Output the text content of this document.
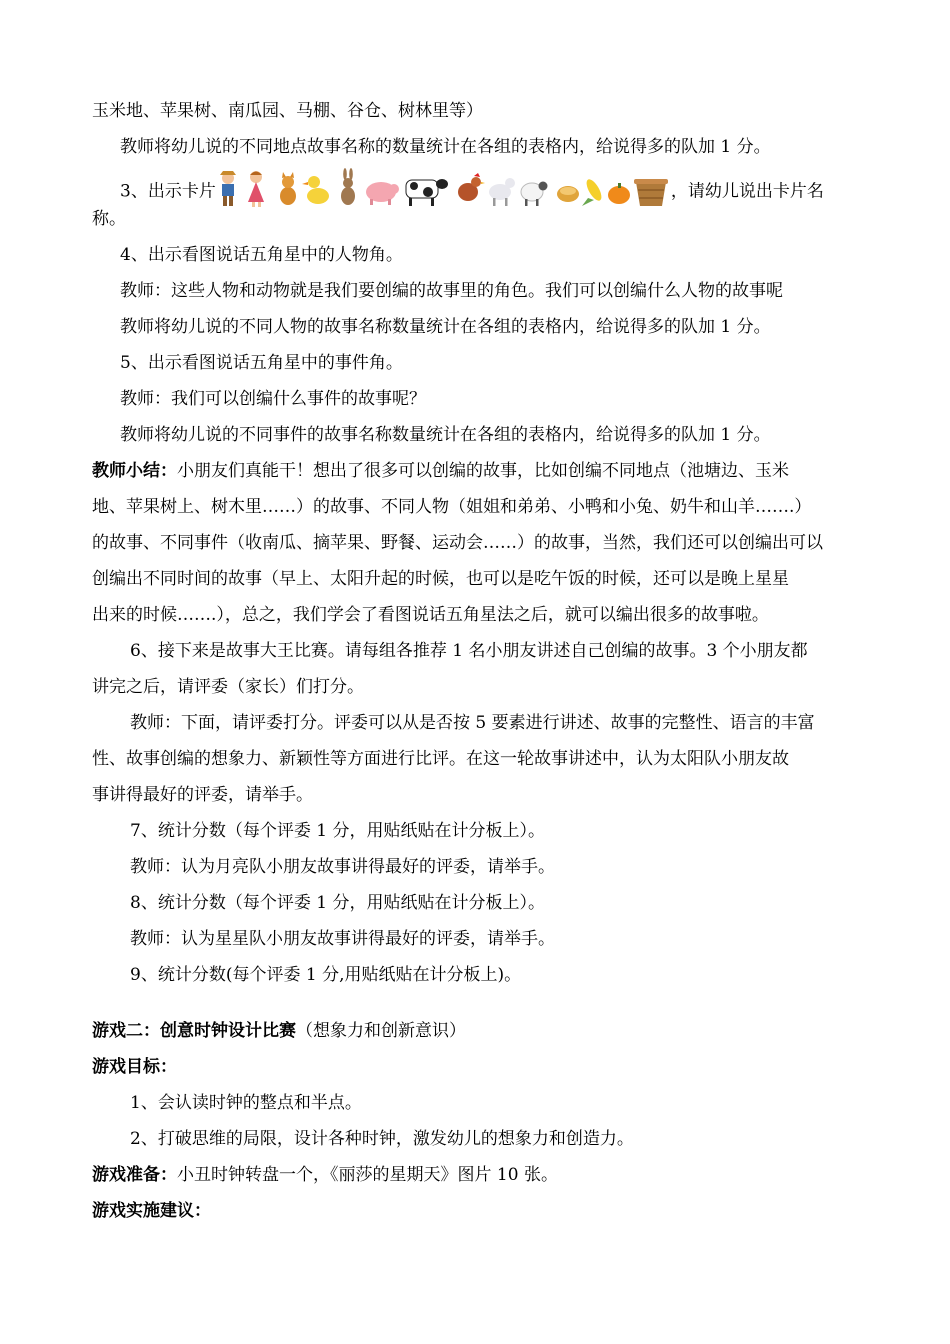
玉米地、苹果树、南瓜园、马棚、谷仓、树林里等）
教师将幼儿说的不同地点故事名称的数量统计在各组的表格内，给说得多的队加 1 分。
3、出示卡片	，请幼儿说出卡片名
称。
4、出示看图说话五角星中的人物角。
教师：这些人物和动物就是我们要创编的故事里的角色。我们可以创编什么人物的故事呢
教师将幼儿说的不同人物的故事名称数量统计在各组的表格内，给说得多的队加 1 分。
5、出示看图说话五角星中的事件角。
教师：我们可以创编什么事件的故事呢？
教师将幼儿说的不同事件的故事名称数量统计在各组的表格内，给说得多的队加 1 分。
教师小结：小朋友们真能干！想出了很多可以创编的故事，比如创编不同地点（池塘边、玉米
地、苹果树上、树木里……）的故事、不同人物（姐姐和弟弟、小鸭和小兔、奶牛和山羊…….）
的故事、不同事件（收南瓜、摘苹果、野餐、运动会……）的故事，当然，我们还可以创编出可以
创编出不同时间的故事（早上、太阳升起的时候，也可以是吃午饭的时候，还可以是晚上星星
出来的时候…….），总之，我们学会了看图说话五角星法之后，就可以编出很多的故事啦。
6、接下来是故事大王比赛。请每组各推荐 1 名小朋友讲述自己创编的故事。3 个小朋友都
讲完之后，请评委（家长）们打分。
教师：下面，请评委打分。评委可以从是否按 5 要素进行讲述、故事的完整性、语言的丰富
性、故事创编的想象力、新颖性等方面进行比评。在这一轮故事讲述中，认为太阳队小朋友故
事讲得最好的评委，请举手。
7、统计分数（每个评委 1 分，用贴纸贴在计分板上）。
教师：认为月亮队小朋友故事讲得最好的评委，请举手。
8、统计分数（每个评委 1 分，用贴纸贴在计分板上）。
教师：认为星星队小朋友故事讲得最好的评委，请举手。
9、统计分数(每个评委 1 分,用贴纸贴在计分板上)。
游戏二：创意时钟设计比赛（想象力和创新意识）
游戏目标：
1、会认读时钟的整点和半点。
2、打破思维的局限，设计各种时钟，激发幼儿的想象力和创造力。
游戏准备：小丑时钟转盘一个，《丽莎的星期天》图片 10 张。
游戏实施建议：
